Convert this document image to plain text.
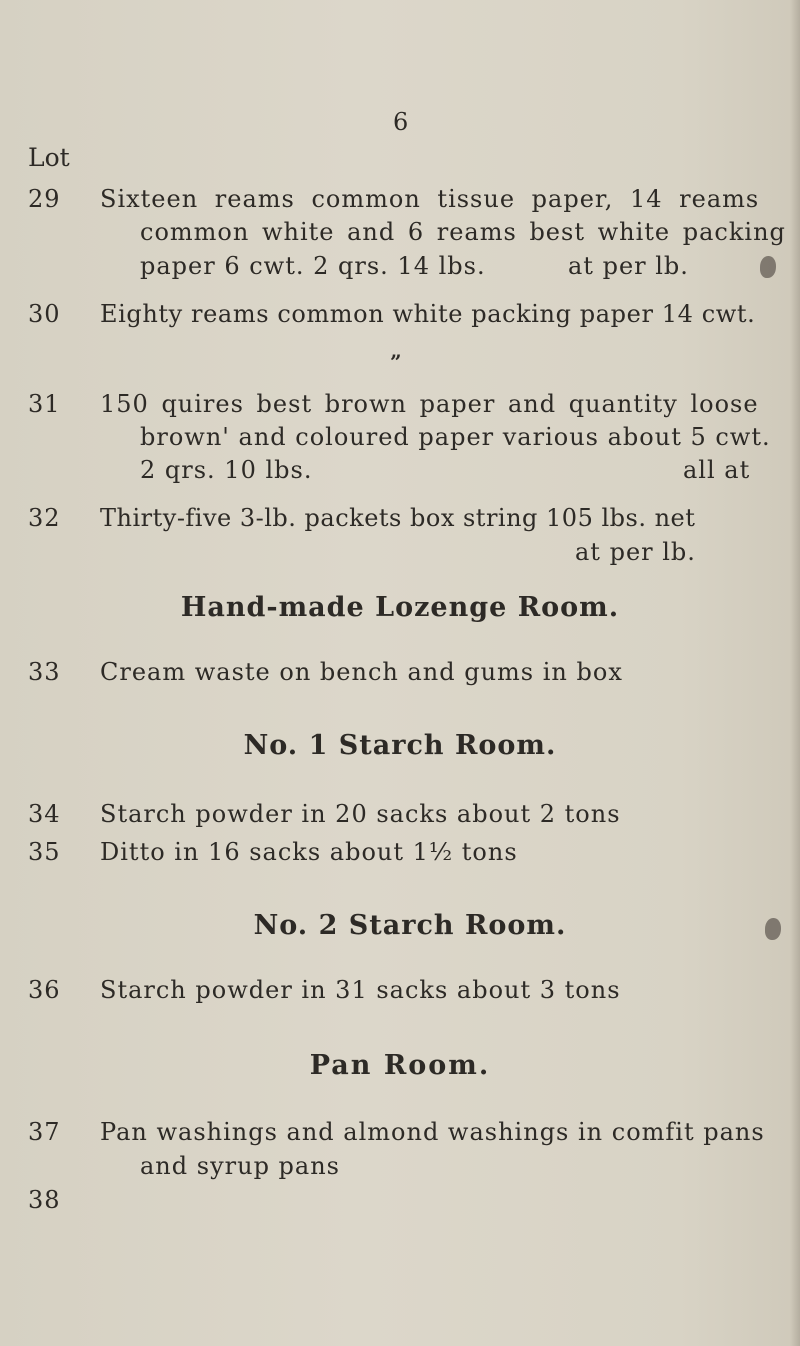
6
Lot
29 Sixteen reams common tissue paper, 14 reams
common white and 6 reams best white packing
paper 6 cwt. 2 qrs. 14 lbs.	at per lb.
30 Eighty reams common white packing paper 14 cwt.
”
31 150 quires best brown paper and quantity loose
brown' and coloured paper various about 5 cwt.
2 qrs. 10 lbs.	all at
32 Thirty-five 3-lb. packets box string 105 lbs. net
at per lb.
Hand-made Lozenge Room.
33 Cream waste on bench and gums in box
No. 1 Starch Room.
34 Starch powder in 20 sacks about 2 tons
35 Ditto in 16 sacks about 1½ tons
No. 2 Starch Room.
36 Starch powder in 31 sacks about 3 tons
Pan Room.
37 Pan washings and almond washings in comfit pans
and syrup pans
38
